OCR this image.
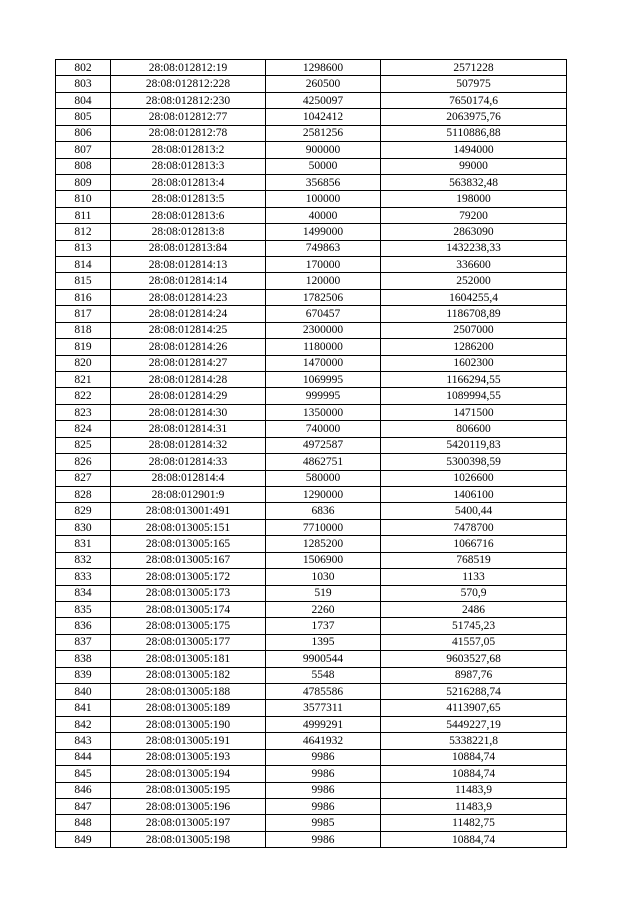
802	28:08:012812:19	1298600	2571228
803	28:08:012812:228	260500	507975
804	28:08:012812:230	4250097	7650174,6
805	28:08:012812:77	1042412	2063975,76
806	28:08:012812:78	2581256	5110886,88
807	28:08:012813:2	900000	1494000
808	28:08:012813:3	50000	99000
809	28:08:012813:4	356856	563832,48
810	28:08:012813:5	100000	198000
811	28:08:012813:6	40000	79200
812	28:08:012813:8	1499000	2863090
813	28:08:012813:84	749863	1432238,33
814	28:08:012814:13	170000	336600
815	28:08:012814:14	120000	252000
816	28:08:012814:23	1782506	1604255,4
817	28:08:012814:24	670457	1186708,89
818	28:08:012814:25	2300000	2507000
819	28:08:012814:26	1180000	1286200
820	28:08:012814:27	1470000	1602300
821	28:08:012814:28	1069995	1166294,55
822	28:08:012814:29	999995	1089994,55
823	28:08:012814:30	1350000	1471500
824	28:08:012814:31	740000	806600
825	28:08:012814:32	4972587	5420119,83
826	28:08:012814:33	4862751	5300398,59
827	28:08:012814:4	580000	1026600
828	28:08:012901:9	1290000	1406100
829	28:08:013001:491	6836	5400,44
830	28:08:013005:151	7710000	7478700
831	28:08:013005:165	1285200	1066716
832	28:08:013005:167	1506900	768519
833	28:08:013005:172	1030	1133
834	28:08:013005:173	519	570,9
835	28:08:013005:174	2260	2486
836	28:08:013005:175	1737	51745,23
837	28:08:013005:177	1395	41557,05
838	28:08:013005:181	9900544	9603527,68
839	28:08:013005:182	5548	8987,76
840	28:08:013005:188	4785586	5216288,74
841	28:08:013005:189	3577311	4113907,65
842	28:08:013005:190	4999291	5449227,19
843	28:08:013005:191	4641932	5338221,8
844	28:08:013005:193	9986	10884,74
845	28:08:013005:194	9986	10884,74
846	28:08:013005:195	9986	11483,9
847	28:08:013005:196	9986	11483,9
848	28:08:013005:197	9985	11482,75
849	28:08:013005:198	9986	10884,74
